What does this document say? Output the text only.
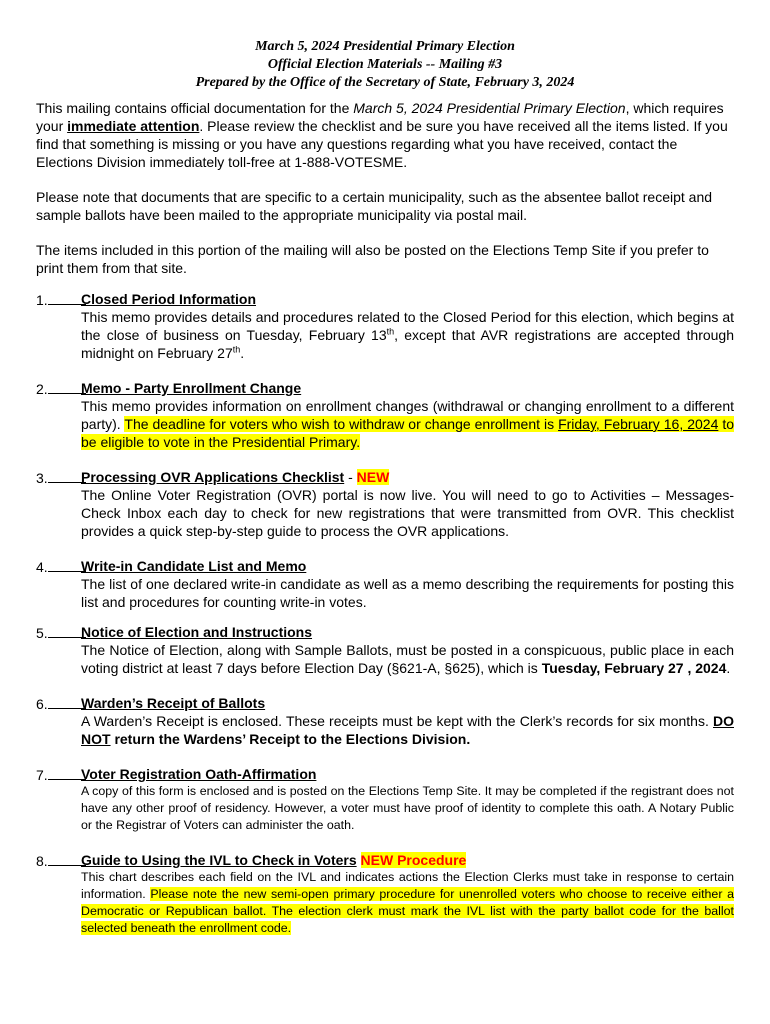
March 5, 2024 Presidential Primary Election
Official Election Materials -- Mailing #3
Prepared by the Office of the Secretary of State, February 3, 2024

This mailing contains official documentation for the March 5, 2024 Presidential Primary Election, which requires your immediate attention. Please review the checklist and be sure you have received all the items listed. If you find that something is missing or you have any questions regarding what you have received, contact the Elections Division immediately toll-free at 1-888-VOTESME.

Please note that documents that are specific to a certain municipality, such as the absentee ballot receipt and sample ballots have been mailed to the appropriate municipality via postal mail.

The items included in this portion of the mailing will also be posted on the Elections Temp Site if you prefer to print them from that site.

1.	Closed Period Information
This memo provides details and procedures related to the Closed Period for this election, which begins at the close of business on Tuesday, February 13th, except that AVR registrations are accepted through midnight on February 27th.
2.	Memo - Party Enrollment Change
This memo provides information on enrollment changes (withdrawal or changing enrollment to a different party). The deadline for voters who wish to withdraw or change enrollment is Friday, February 16, 2024 to be eligible to vote in the Presidential Primary.
3.	Processing OVR Applications Checklist - NEW
The Online Voter Registration (OVR) portal is now live. You will need to go to Activities – Messages-Check Inbox each day to check for new registrations that were transmitted from OVR. This checklist provides a quick step-by-step guide to process the OVR applications.
4.	Write-in Candidate List and Memo
The list of one declared write-in candidate as well as a memo describing the requirements for posting this list and procedures for counting write-in votes.
5.	Notice of Election and Instructions
The Notice of Election, along with Sample Ballots, must be posted in a conspicuous, public place in each voting district at least 7 days before Election Day (§621-A, §625), which is Tuesday, February 27 , 2024.
6.	Warden’s Receipt of Ballots
A Warden’s Receipt is enclosed. These receipts must be kept with the Clerk’s records for six months. DO NOT return the Wardens’ Receipt to the Elections Division.
7.	Voter Registration Oath-Affirmation
A copy of this form is enclosed and is posted on the Elections Temp Site. It may be completed if the registrant does not have any other proof of residency. However, a voter must have proof of identity to complete this oath. A Notary Public or the Registrar of Voters can administer the oath.
8.	Guide to Using the IVL to Check in Voters NEW Procedure
This chart describes each field on the IVL and indicates actions the Election Clerks must take in response to certain information. Please note the new semi-open primary procedure for unenrolled voters who choose to receive either a Democratic or Republican ballot. The election clerk must mark the IVL list with the party ballot code for the ballot selected beneath the enrollment code.
